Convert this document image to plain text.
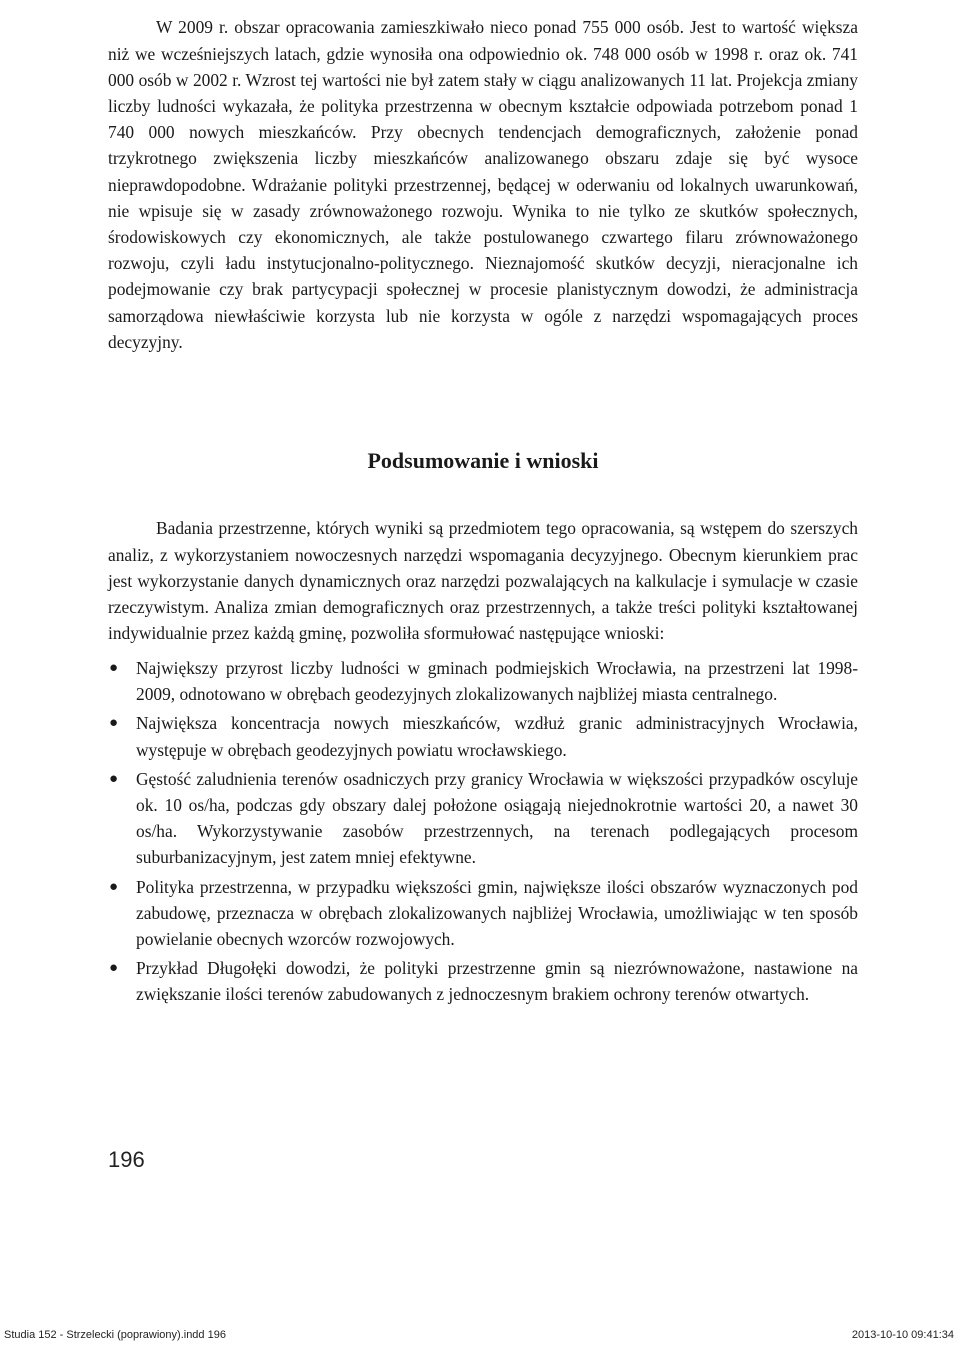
W 2009 r. obszar opracowania zamieszkiwało nieco ponad 755 000 osób. Jest to wartość większa niż we wcześniejszych latach, gdzie wynosiła ona odpowiednio ok. 748 000 osób w 1998 r. oraz ok. 741 000 osób w 2002 r. Wzrost tej wartości nie był zatem stały w ciągu analizowanych 11 lat. Projekcja zmiany liczby ludności wykazała, że polityka przestrzenna w obecnym kształcie odpowiada potrzebom ponad 1 740 000 nowych mieszkańców. Przy obecnych tendencjach demograficznych, założenie ponad trzykrotnego zwiększenia liczby mieszkańców analizowanego obszaru zdaje się być wysoce nieprawdopodobne. Wdrażanie polityki przestrzennej, będącej w oderwaniu od lokalnych uwarunkowań, nie wpisuje się w zasady zrównoważonego rozwoju. Wynika to nie tylko ze skutków społecznych, środowiskowych czy ekonomicznych, ale także postulowanego czwartego filaru zrównoważonego rozwoju, czyli ładu instytucjonalno-politycznego. Nieznajomość skutków decyzji, nieracjonalne ich podejmowanie czy brak partycypacji społecznej w procesie planistycznym dowodzi, że administracja samorządowa niewłaściwie korzysta lub nie korzysta w ogóle z narzędzi wspomagających proces decyzyjny.

Podsumowanie i wnioski

Badania przestrzenne, których wyniki są przedmiotem tego opracowania, są wstępem do szerszych analiz, z wykorzystaniem nowoczesnych narzędzi wspomagania decyzyjnego. Obecnym kierunkiem prac jest wykorzystanie danych dynamicznych oraz narzędzi pozwalających na kalkulacje i symulacje w czasie rzeczywistym. Analiza zmian demograficznych oraz przestrzennych, a także treści polityki kształtowanej indywidualnie przez każdą gminę, pozwoliła sformułować następujące wnioski:

● Największy przyrost liczby ludności w gminach podmiejskich Wrocławia, na przestrzeni lat 1998-2009, odnotowano w obrębach geodezyjnych zlokalizowanych najbliżej miasta centralnego.
● Największa koncentracja nowych mieszkańców, wzdłuż granic administracyjnych Wrocławia, występuje w obrębach geodezyjnych powiatu wrocławskiego.
● Gęstość zaludnienia terenów osadniczych przy granicy Wrocławia w większości przypadków oscyluje ok. 10 os/ha, podczas gdy obszary dalej położone osiągają niejednokrotnie wartości 20, a nawet 30 os/ha. Wykorzystywanie zasobów przestrzennych, na terenach podlegających procesom suburbanizacyjnym, jest zatem mniej efektywne.
● Polityka przestrzenna, w przypadku większości gmin, największe ilości obszarów wyznaczonych pod zabudowę, przeznacza w obrębach zlokalizowanych najbliżej Wrocławia, umożliwiając w ten sposób powielanie obecnych wzorców rozwojowych.
● Przykład Długołęki dowodzi, że polityki przestrzenne gmin są niezrównoważone, nastawione na zwiększanie ilości terenów zabudowanych z jednoczesnym brakiem ochrony terenów otwartych.
196
Studia 152 - Strzelecki (poprawiony).indd 196	2013-10-10 09:41:34
